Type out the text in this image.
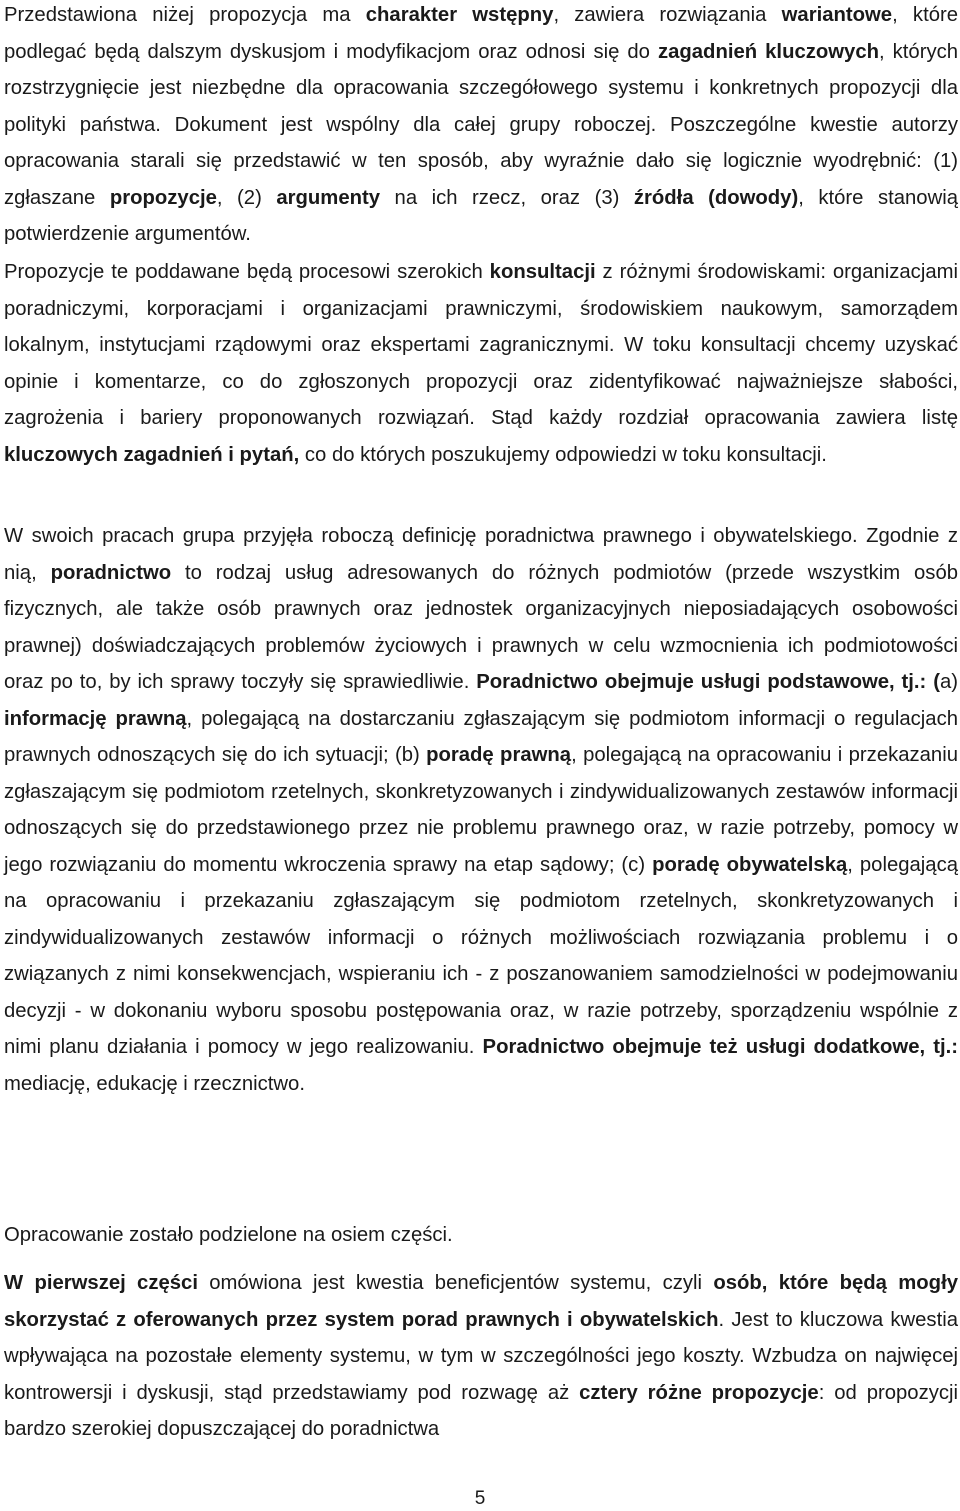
Przedstawiona niżej propozycja ma charakter wstępny, zawiera rozwiązania wariantowe, które podlegać będą dalszym dyskusjom i modyfikacjom oraz odnosi się do zagadnień kluczowych, których rozstrzygnięcie jest niezbędne dla opracowania szczegółowego systemu i konkretnych propozycji dla polityki państwa. Dokument jest wspólny dla całej grupy roboczej. Poszczególne kwestie autorzy opracowania starali się przedstawić w ten sposób, aby wyraźnie dało się logicznie wyodrębnić: (1) zgłaszane propozycje, (2) argumenty na ich rzecz, oraz (3) źródła (dowody), które stanowią potwierdzenie argumentów.

Propozycje te poddawane będą procesowi szerokich konsultacji z różnymi środowiskami: organizacjami poradniczymi, korporacjami i organizacjami prawniczymi, środowiskiem naukowym, samorządem lokalnym, instytucjami rządowymi oraz ekspertami zagranicznymi. W toku konsultacji chcemy uzyskać opinie i komentarze, co do zgłoszonych propozycji oraz zidentyfikować najważniejsze słabości, zagrożenia i bariery proponowanych rozwiązań. Stąd każdy rozdział opracowania zawiera listę kluczowych zagadnień i pytań, co do których poszukujemy odpowiedzi w toku konsultacji.

W swoich pracach grupa przyjęła roboczą definicję poradnictwa prawnego i obywatelskiego. Zgodnie z nią, poradnictwo to rodzaj usług adresowanych do różnych podmiotów (przede wszystkim osób fizycznych, ale także osób prawnych oraz jednostek organizacyjnych nieposiadających osobowości prawnej) doświadczających problemów życiowych i prawnych w celu wzmocnienia ich podmiotowości oraz po to, by ich sprawy toczyły się sprawiedliwie. Poradnictwo obejmuje usługi podstawowe, tj.: (a) informację prawną, polegającą na dostarczaniu zgłaszającym się podmiotom informacji o regulacjach prawnych odnoszących się do ich sytuacji; (b) poradę prawną, polegającą na opracowaniu i przekazaniu zgłaszającym się podmiotom rzetelnych, skonkretyzowanych i zindywidualizowanych zestawów informacji odnoszących się do przedstawionego przez nie problemu prawnego oraz, w razie potrzeby, pomocy w jego rozwiązaniu do momentu wkroczenia sprawy na etap sądowy; (c) poradę obywatelską, polegającą na opracowaniu i przekazaniu zgłaszającym się podmiotom rzetelnych, skonkretyzowanych i zindywidualizowanych zestawów informacji o różnych możliwościach rozwiązania problemu i o związanych z nimi konsekwencjach, wspieraniu ich - z poszanowaniem samodzielności w podejmowaniu decyzji - w dokonaniu wyboru sposobu postępowania oraz, w razie potrzeby, sporządzeniu wspólnie z nimi planu działania i pomocy w jego realizowaniu. Poradnictwo obejmuje też usługi dodatkowe, tj.: mediację, edukację i rzecznictwo.

Opracowanie zostało podzielone na osiem części.

W pierwszej części omówiona jest kwestia beneficjentów systemu, czyli osób, które będą mogły skorzystać z oferowanych przez system porad prawnych i obywatelskich. Jest to kluczowa kwestia wpływająca na pozostałe elementy systemu, w tym w szczególności jego koszty. Wzbudza on najwięcej kontrowersji i dyskusji, stąd przedstawiamy pod rozwagę aż cztery różne propozycje: od propozycji bardzo szerokiej dopuszczającej do poradnictwa

5
